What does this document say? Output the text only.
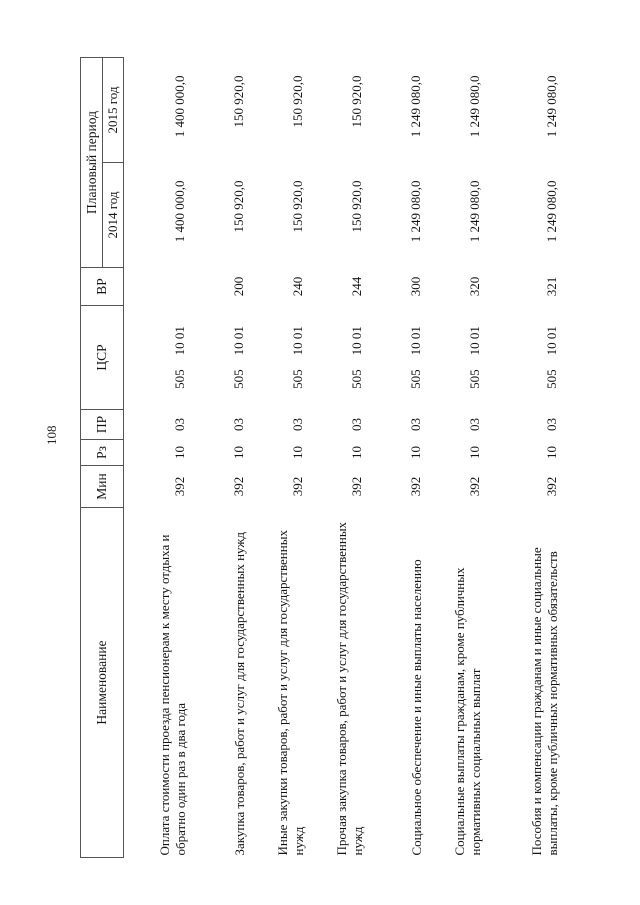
108
Наименование	Мин	Рз	ПР	ЦСР	ВР	Плановый период	
						2014 год	2015 год
Оплата стоимости проезда пенсионерам к месту отдыха и обратно один раз в два года	392	10	03	50510 01		1 400 000,0	1 400 000,0
Закупка товаров, работ и услуг для государственных нужд	392	10	03	50510 01	200	150 920,0	150 920,0
Иные закупки товаров, работ и услуг для государственных нужд	392	10	03	50510 01	240	150 920,0	150 920,0
Прочая закупка товаров, работ и услуг для государственных нужд	392	10	03	50510 01	244	150 920,0	150 920,0
Социальное обеспечение и иные выплаты населению	392	10	03	50510 01	300	1 249 080,0	1 249 080,0
Социальные выплаты гражданам, кроме публичных нормативных социальных выплат	392	10	03	50510 01	320	1 249 080,0	1 249 080,0
Пособия и компенсации гражданам и иные социальные выплаты, кроме публичных нормативных обязательств	392	10	03	50510 01	321	1 249 080,0	1 249 080,0
